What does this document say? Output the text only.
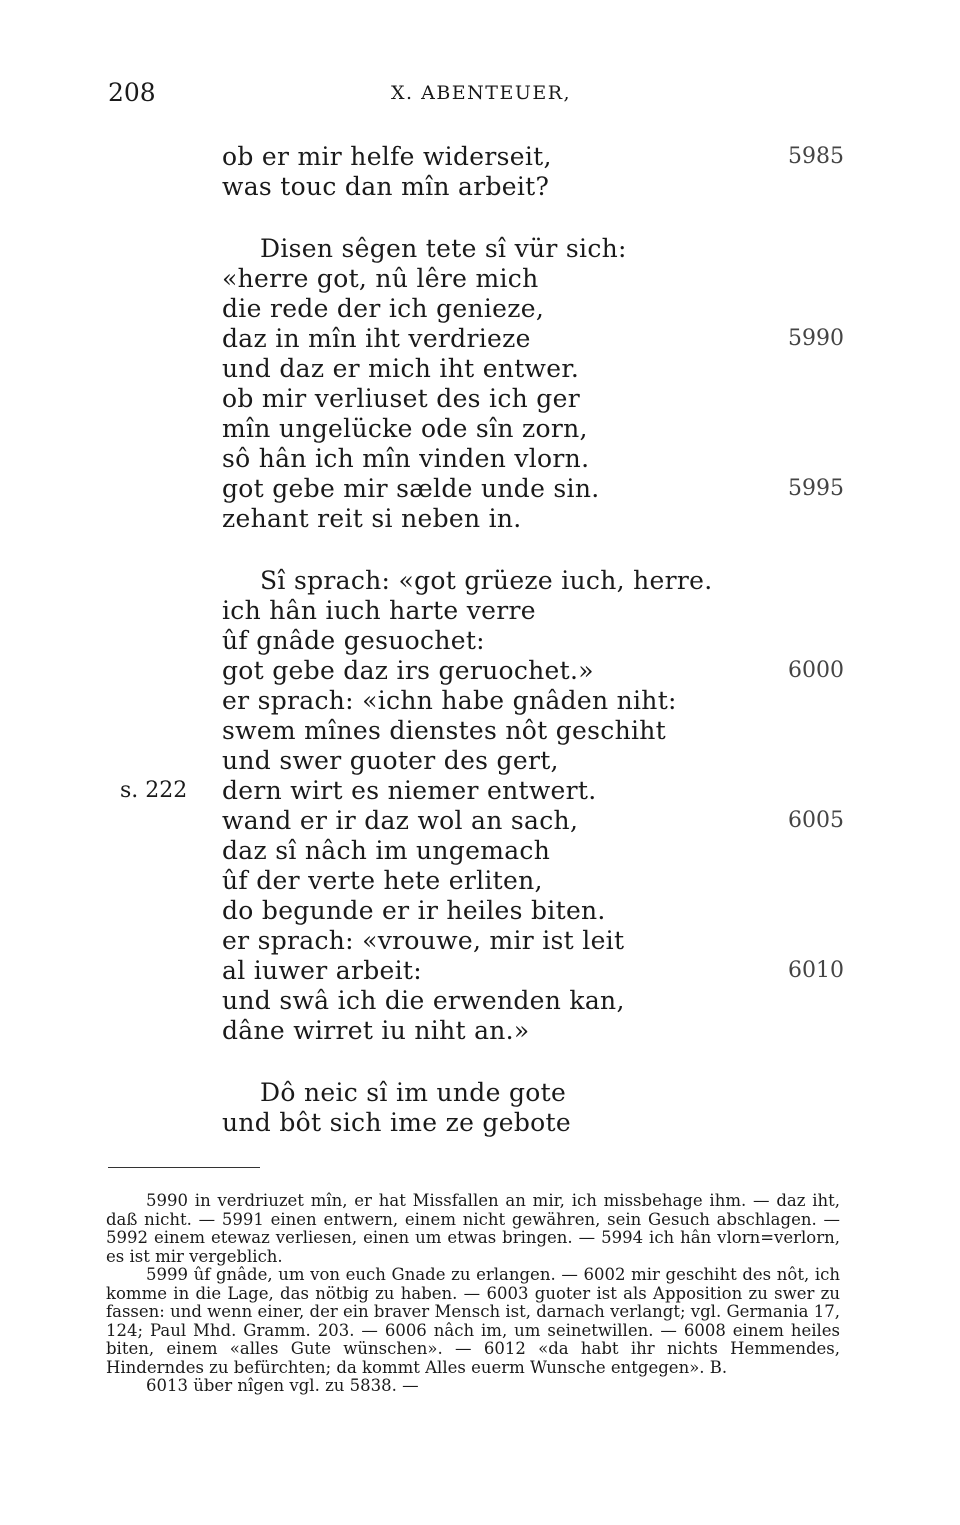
208	X. ABENTEUER,
ob er mir helfe widerseit,
was touc dan mîn arbeit?
Disen sêgen tete sî vür sich:
«herre got, nû lêre mich
die rede der ich genieze,
daz in mîn iht verdrieze
und daz er mich iht entwer.
ob mir verliuset des ich ger
mîn ungelücke ode sîn zorn,
sô hân ich mîn vinden vlorn.
got gebe mir sælde unde sin.
zehant reit si neben in.
Sî sprach: «got grüeze iuch, herre.
ich hân iuch harte verre
ûf gnâde gesuochet:
got gebe daz irs geruochet.»
er sprach: «ichn habe gnâden niht:
swem mînes dienstes nôt geschiht
und swer guoter des gert,
dern wirt es niemer entwert.
wand er ir daz wol an sach,
daz sî nâch im ungemach
ûf der verte hete erliten,
do begunde er ir heiles biten.
er sprach: «vrouwe, mir ist leit
al iuwer arbeit:
und swâ ich die erwenden kan,
dâne wirret iu niht an.»
Dô neic sî im unde gote
und bôt sich ime ze gebote
5985
5990
5995
6000
6005
6010
s. 222

5990 in verdriuzet mîn, er hat Missfallen an mir, ich missbehage ihm. — daz iht, daß nicht. — 5991 einen entwern, einem nicht gewähren, sein Gesuch abschlagen. — 5992 einem etewaz verliesen, einen um etwas bringen. — 5994 ich hân vlorn=verlorn, es ist mir vergeblich.

5999 ûf gnâde, um von euch Gnade zu erlangen. — 6002 mir geschiht des nôt, ich komme in die Lage, das nötbig zu haben. — 6003 guoter ist als Apposition zu swer zu fassen: und wenn einer, der ein braver Mensch ist, darnach verlangt; vgl. Germania 17, 124; Paul Mhd. Gramm. 203. — 6006 nâch im, um seinetwillen. — 6008 einem heiles biten, einem «alles Gute wünschen». — 6012 «da habt ihr nichts Hemmendes, Hinderndes zu befürchten; da kommt Alles euerm Wunsche entgegen». B.

6013 über nîgen vgl. zu 5838. —
